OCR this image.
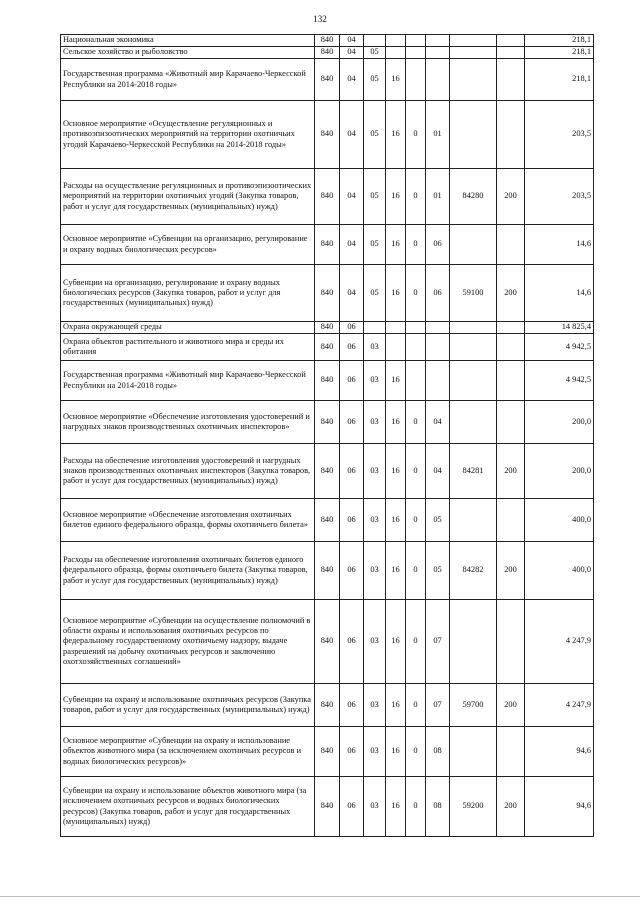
132
Национальная экономика	840	04							218,1
Сельское хозяйство и рыболовство	840	04	05						218,1
Государственная программа «Животный мир Карачаево-Черкесской Республики на 2014-2018 годы»	840	04	05	16					218,1
Основное мероприятие «Осуществление регуляционных и противоэпизоотических мероприятий на территории охотничьих угодий Карачаево-Черкесской Республики на 2014-2018 годы»	840	04	05	16	0	01			203,5
Расходы на осуществление регуляционных и противоэпизоотических мероприятий на территории охотничьих угодий (Закупка товаров, работ и услуг для государственных (муниципальных) нужд)	840	04	05	16	0	01	84280	200	203,5
Основное мероприятие «Субвенции на организацию, регулирование и охрану водных биологических ресурсов»	840	04	05	16	0	06			14,6
Субвенции на организацию, регулирование и охрану водных биологических ресурсов (Закупка товаров, работ и услуг для государственных (муниципальных) нужд)	840	04	05	16	0	06	59100	200	14,6
Охрана окружающей среды	840	06							14 825,4
Охрана объектов растительного и животного мира и среды их обитания	840	06	03						4 942,5
Государственная программа «Животный мир Карачаево-Черкесской Республики на 2014-2018 годы»	840	06	03	16					4 942,5
Основное мероприятие «Обеспечение изготовления удостоверений и нагрудных знаков производственных охотничьих инспекторов»	840	06	03	16	0	04			200,0
Расходы на обеспечение изготовления удостоверений и нагрудных знаков производственных охотничьих инспекторов (Закупка товаров, работ и услуг для государственных (муниципальных) нужд)	840	06	03	16	0	04	84281	200	200,0
Основное мероприятие «Обеспечение изготовления охотничьих билетов единого федерального образца, формы охотничьего билета»	840	06	03	16	0	05			400,0
Расходы на обеспечение изготовления охотничьих билетов единого федерального образца, формы охотничьего билета (Закупка товаров, работ и услуг для государственных (муниципальных) нужд)	840	06	03	16	0	05	84282	200	400,0
Основное мероприятие «Субвенции на осуществление полномочий в области охраны и использования охотничьих ресурсов по федеральному государственному охотничьему надзору, выдаче разрешений на добычу охотничьих ресурсов и заключению охотхозяйственных соглашений»	840	06	03	16	0	07			4 247,9
Субвенции на охрану и использование охотничьих ресурсов (Закупка товаров, работ и услуг для государственных (муниципальных) нужд)	840	06	03	16	0	07	59700	200	4 247,9
Основное мероприятие «Субвенции на охрану и использование объектов животного мира (за исключением охотничьих ресурсов и водных биологических ресурсов)»	840	06	03	16	0	08			94,6
Субвенции на охрану и использование объектов животного мира (за исключением охотничьих ресурсов и водных биологических ресурсов) (Закупка товаров, работ и услуг для государственных (муниципальных) нужд)	840	06	03	16	0	08	59200	200	94,6
